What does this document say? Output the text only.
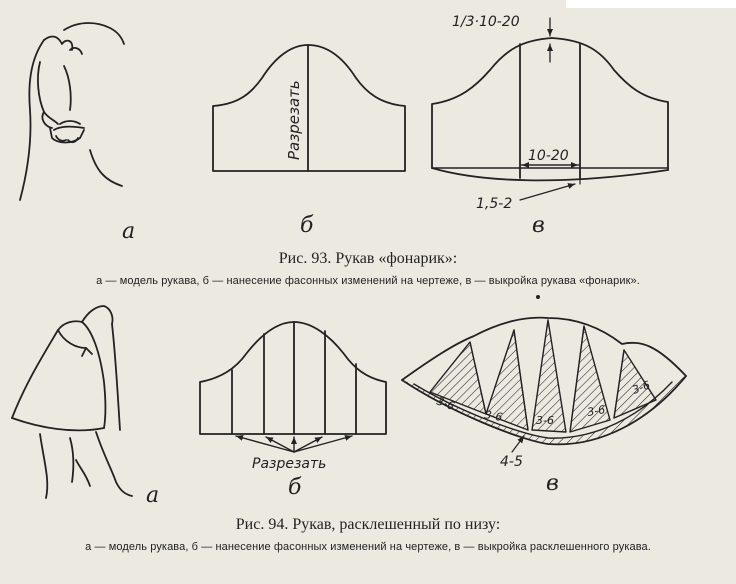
а	б	в
Разрезать
1/3·10-20
10-20
1,5-2
а	б	в
Разрезать
3-6
3-6	3-6
3-6
3-6
4-5
Рис. 93. Рукав «фонарик»:
а — модель рукава, б — нанесение фасонных изменений на чертеже, в — выкройка рукава «фонарик».
Рис. 94. Рукав, расклешенный по низу:
а — модель рукава, б — нанесение фасонных изменений на чертеже, в — выкройка расклешенного рукава.
